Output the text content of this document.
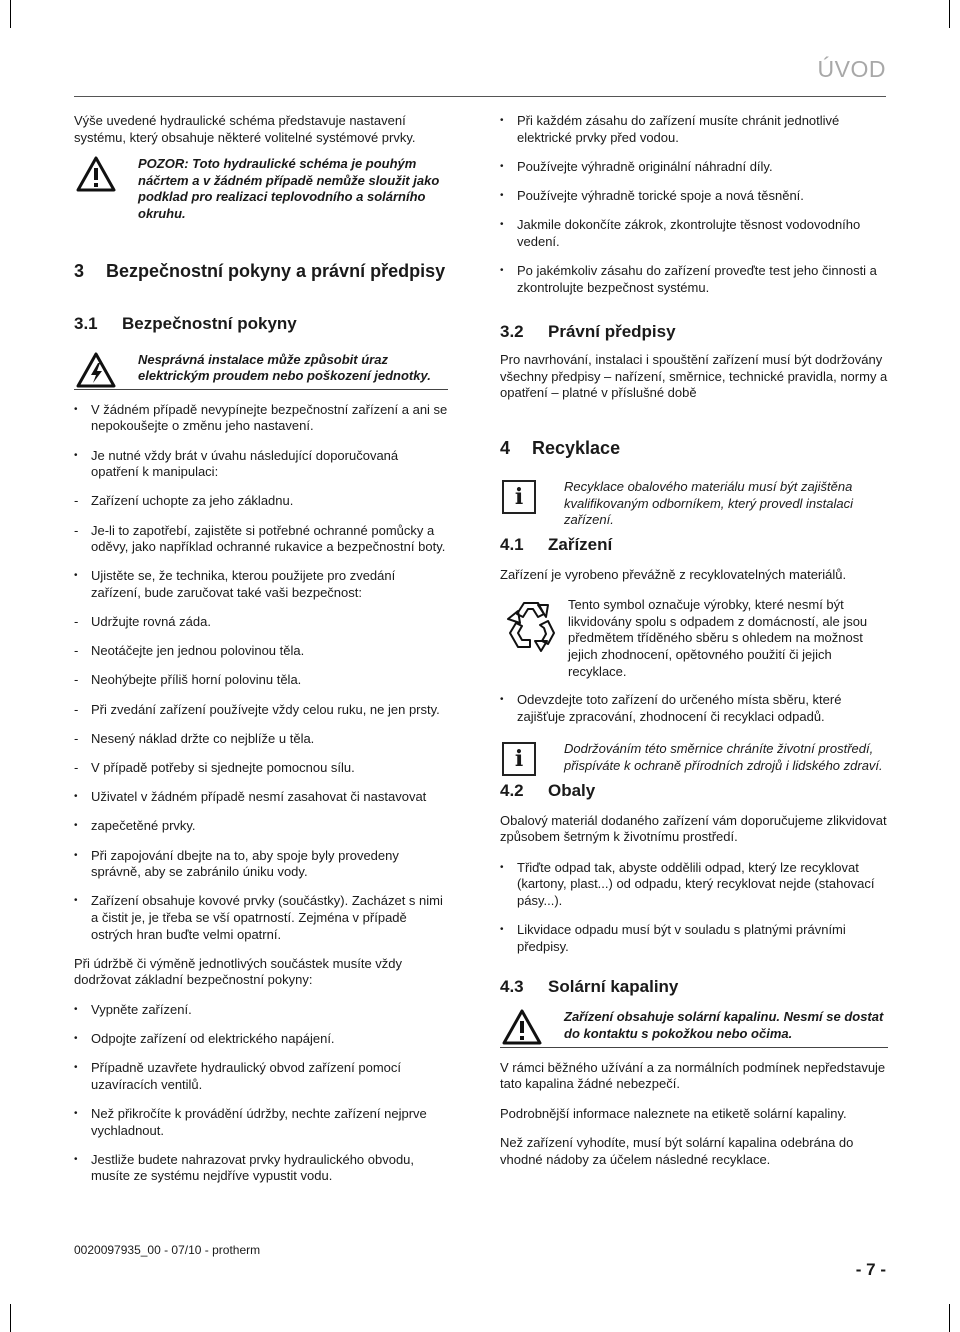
ÚVOD

Výše uvedené hydraulické schéma představuje nastavení systému, který obsahuje některé volitelné systémové prvky.

POZOR: Toto hydraulické schéma je pouhým náčrtem a v žádném případě nemůže sloužit jako podklad pro realizaci teplovodního a solárního okruhu.

3 Bezpečnostní pokyny a právní předpisy
3.1 Bezpečnostní pokyny

Nesprávná instalace může způsobit úraz elektrickým proudem nebo poškození jednotky.

• V žádném případě nevypínejte bezpečnostní zařízení a ani se nepokoušejte o změnu jeho nastavení.
• Je nutné vždy brát v úvahu následující doporučovaná opatření k manipulaci:
- Zařízení uchopte za jeho základnu.
- Je-li to zapotřebí, zajistěte si potřebné ochranné pomůcky a oděvy, jako například ochranné rukavice a bezpečnostní boty.
• Ujistěte se, že technika, kterou použijete pro zvedání zařízení, bude zaručovat také vaši bezpečnost:
- Udržujte rovná záda.
- Neotáčejte jen jednou polovinou těla.
- Neohýbejte příliš horní polovinu těla.
- Při zvedání zařízení používejte vždy celou ruku, ne jen prsty.
- Nesený náklad držte co nejblíže u těla.
- V případě potřeby si sjednejte pomocnou sílu.
• Uživatel v žádném případě nesmí zasahovat či nastavovat
• zapečetěné prvky.
• Při zapojování dbejte na to, aby spoje byly provedeny správně, aby se zabránilo úniku vody.
• Zařízení obsahuje kovové prvky (součástky). Zacházet s nimi a čistit je, je třeba se vší opatrností. Zejména v případě ostrých hran buďte velmi opatrní.

Při údržbě či výměně jednotlivých součástek musíte vždy dodržovat základní bezpečnostní pokyny:

• Vypněte zařízení.
• Odpojte zařízení od elektrického napájení.
• Případně uzavřete hydraulický obvod zařízení pomocí uzavíracích ventilů.
• Než přikročíte k provádění údržby, nechte zařízení nejprve vychladnout.
• Jestliže budete nahrazovat prvky hydraulického obvodu, musíte ze systému nejdříve vypustit vodu.
• Při každém zásahu do zařízení musíte chránit jednotlivé elektrické prvky před vodou.
• Používejte výhradně originální náhradní díly.
• Používejte výhradně torické spoje a nová těsnění.
• Jakmile dokončíte zákrok, zkontrolujte těsnost vodovodního vedení.
• Po jakémkoliv zásahu do zařízení proveďte test jeho činnosti a zkontrolujte bezpečnost systému.
3.2 Právní předpisy

Pro navrhování, instalaci i spouštění zařízení musí být dodržovány všechny předpisy – nařízení, směrnice, technické pravidla, normy a opatření – platné v příslušné době

4 Recyklace
i	Recyklace obalového materiálu musí být zajištěna kvalifikovaným odborníkem, který provedl instalaci zařízení.

4.1 Zařízení

Zařízení je vyrobeno převážně z recyklovatelných materiálů.

Tento symbol označuje výrobky, které nesmí být likvidovány spolu s odpadem z domácností, ale jsou předmětem tříděného sběru s ohledem na možnost jejich zhodnocení, opětovného použití či jejich recyklace.

• Odevzdejte toto zařízení do určeného místa sběru, které zajišťuje zpracování, zhodnocení či recyklaci odpadů.
i	Dodržováním této směrnice chráníte životní prostředí, přispíváte k ochraně přírodních zdrojů i lidského zdraví.

4.2 Obaly

Obalový materiál dodaného zařízení vám doporučujeme zlikvidovat způsobem šetrným k životnímu prostředí.

• Třiďte odpad tak, abyste oddělili odpad, který lze recyklovat (kartony, plast...) od odpadu, který recyklovat nejde (stahovací pásy...).
• Likvidace odpadu musí být v souladu s platnými právními předpisy.
4.3 Solární kapaliny

Zařízení obsahuje solární kapalinu. Nesmí se dostat do kontaktu s pokožkou nebo očima.

V rámci běžného užívání a za normálních podmínek nepředstavuje tato kapalina žádné nebezpečí.

Podrobnější informace naleznete na etiketě solární kapaliny.

Než zařízení vyhodíte, musí být solární kapalina odebrána do vhodné nádoby za účelem následné recyklace.

0020097935_00 - 07/10 - protherm
- 7 -
